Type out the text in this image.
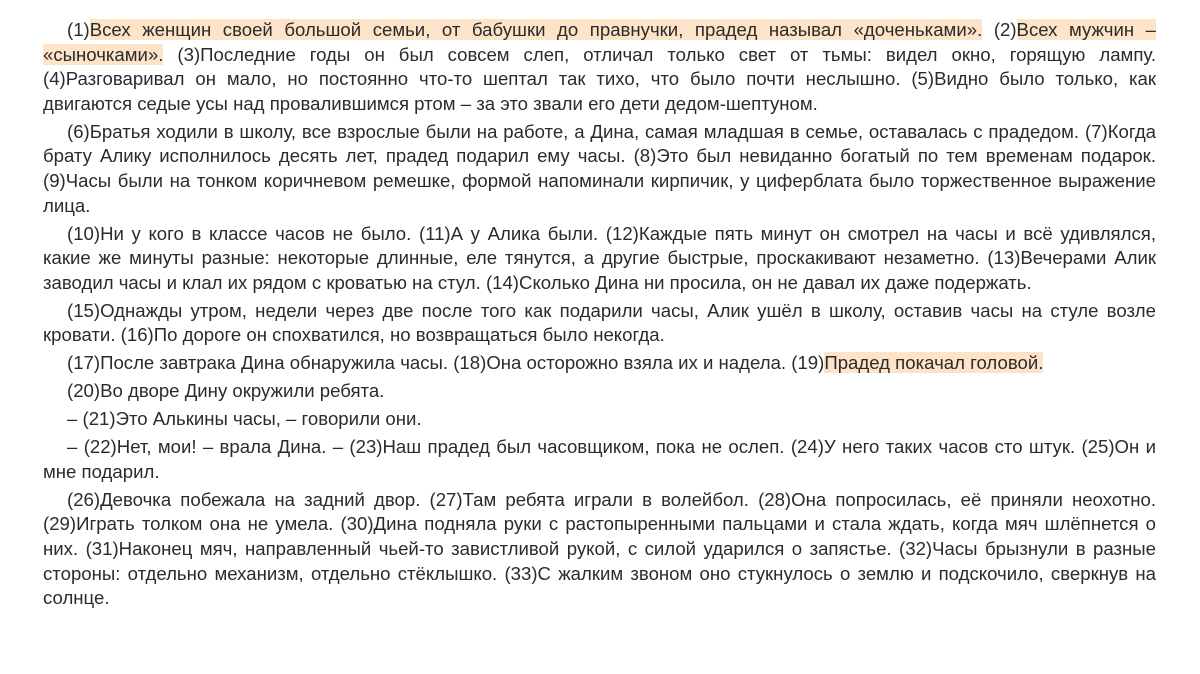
(1)Всех женщин своей большой семьи, от бабушки до правнучки, прадед называл «доченьками». (2)Всех мужчин – «сыночками». (3)Последние годы он был совсем слеп, отличал только свет от тьмы: видел окно, горящую лампу. (4)Разговаривал он мало, но постоянно что-то шептал так тихо, что было почти неслышно. (5)Видно было только, как двигаются седые усы над провалившимся ртом – за это звали его дети дедом-шептуном.

(6)Братья ходили в школу, все взрослые были на работе, а Дина, самая младшая в семье, оставалась с прадедом. (7)Когда брату Алику исполнилось десять лет, прадед подарил ему часы. (8)Это был невиданно богатый по тем временам подарок. (9)Часы были на тонком коричневом ремешке, формой напоминали кирпичик, у циферблата было торжественное выражение лица.

(10)Ни у кого в классе часов не было. (11)А у Алика были. (12)Каждые пять минут он смотрел на часы и всё удивлялся, какие же минуты разные: некоторые длинные, еле тянутся, а другие быстрые, проскакивают незаметно. (13)Вечерами Алик заводил часы и клал их рядом с кроватью на стул. (14)Сколько Дина ни просила, он не давал их даже подержать.

(15)Однажды утром, недели через две после того как подарили часы, Алик ушёл в школу, оставив часы на стуле возле кровати. (16)По дороге он спохватился, но возвращаться было некогда.

(17)После завтрака Дина обнаружила часы. (18)Она осторожно взяла их и надела. (19)Прадед покачал головой.

(20)Во дворе Дину окружили ребята.

– (21)Это Алькины часы, – говорили они.

– (22)Нет, мои! – врала Дина. – (23)Наш прадед был часовщиком, пока не ослеп. (24)У него таких часов сто штук. (25)Он и мне подарил.

(26)Девочка побежала на задний двор. (27)Там ребята играли в волейбол. (28)Она попросилась, её приняли неохотно. (29)Играть толком она не умела. (30)Дина подняла руки с растопыренными пальцами и стала ждать, когда мяч шлёпнется о них. (31)Наконец мяч, направленный чьей-то завистливой рукой, с силой ударился о запястье. (32)Часы брызнули в разные стороны: отдельно механизм, отдельно стёклышко. (33)С жалким звоном оно стукнулось о землю и подскочило, сверкнув на солнце.
